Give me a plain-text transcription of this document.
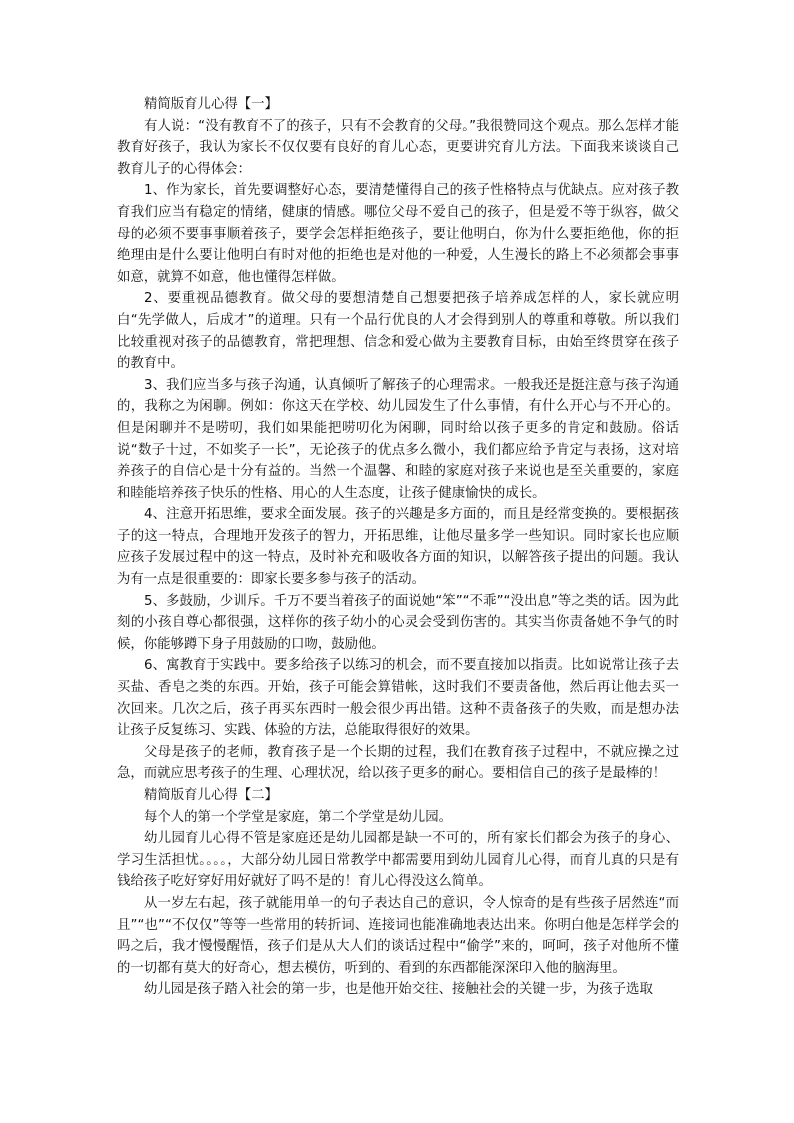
精简版育儿心得【一】

有人说：“没有教育不了的孩子，只有不会教育的父母。”我很赞同这个观点。那么怎样才能教育好孩子，我认为家长不仅仅要有良好的育儿心态，更要讲究育儿方法。下面我来谈谈自己教育儿子的心得体会：

1、作为家长，首先要调整好心态，要清楚懂得自己的孩子性格特点与优缺点。应对孩子教育我们应当有稳定的情绪，健康的情感。哪位父母不爱自己的孩子，但是爱不等于纵容，做父母的必须不要事事顺着孩子，要学会怎样拒绝孩子，要让他明白，你为什么要拒绝他，你的拒绝理由是什么要让他明白有时对他的拒绝也是对他的一种爱，人生漫长的路上不必须都会事事如意，就算不如意，他也懂得怎样做。

2、要重视品德教育。做父母的要想清楚自己想要把孩子培养成怎样的人，家长就应明白“先学做人，后成才”的道理。只有一个品行优良的人才会得到别人的尊重和尊敬。所以我们比较重视对孩子的品德教育，常把理想、信念和爱心做为主要教育目标，由始至终贯穿在孩子的教育中。

3、我们应当多与孩子沟通，认真倾听了解孩子的心理需求。一般我还是挺注意与孩子沟通的，我称之为闲聊。例如：你这天在学校、幼儿园发生了什么事情，有什么开心与不开心的。但是闲聊并不是唠叨，我们如果能把唠叨化为闲聊，同时给以孩子更多的肯定和鼓励。俗话说“数子十过，不如奖子一长”，无论孩子的优点多么微小，我们都应给予肯定与表扬，这对培养孩子的自信心是十分有益的。当然一个温馨、和睦的家庭对孩子来说也是至关重要的，家庭和睦能培养孩子快乐的性格、用心的人生态度，让孩子健康愉快的成长。

4、注意开拓思维，要求全面发展。孩子的兴趣是多方面的，而且是经常变换的。要根据孩子的这一特点，合理地开发孩子的智力，开拓思维，让他尽量多学一些知识。同时家长也应顺应孩子发展过程中的这一特点，及时补充和吸收各方面的知识，以解答孩子提出的问题。我认为有一点是很重要的：即家长要多参与孩子的活动。

5、多鼓励，少训斥。千万不要当着孩子的面说她“笨”“不乖”“没出息”等之类的话。因为此刻的小孩自尊心都很强，这样你的孩子幼小的心灵会受到伤害的。其实当你责备她不争气的时候，你能够蹲下身子用鼓励的口吻，鼓励他。

6、寓教育于实践中。要多给孩子以练习的机会，而不要直接加以指责。比如说常让孩子去买盐、香皂之类的东西。开始，孩子可能会算错帐，这时我们不要责备他，然后再让他去买一次回来。几次之后，孩子再买东西时一般会很少再出错。这种不责备孩子的失败，而是想办法让孩子反复练习、实践、体验的方法，总能取得很好的效果。

父母是孩子的老师，教育孩子是一个长期的过程，我们在教育孩子过程中，不就应操之过急，而就应思考孩子的生理、心理状况，给以孩子更多的耐心。要相信自己的孩子是最棒的！

精简版育儿心得【二】

每个人的第一个学堂是家庭，第二个学堂是幼儿园。

幼儿园育儿心得不管是家庭还是幼儿园都是缺一不可的，所有家长们都会为孩子的身心、学习生活担忧。。。。，大部分幼儿园日常教学中都需要用到幼儿园育儿心得，而育儿真的只是有钱给孩子吃好穿好用好就好了吗不是的！育儿心得没这么简单。

从一岁左右起，孩子就能用单一的句子表达自己的意识，令人惊奇的是有些孩子居然连“而且”“也”“不仅仅”等等一些常用的转折词、连接词也能准确地表达出来。你明白他是怎样学会的吗之后，我才慢慢醒悟，孩子们是从大人们的谈话过程中“偷学”来的，呵呵，孩子对他所不懂的一切都有莫大的好奇心，想去模仿，听到的、看到的东西都能深深印入他的脑海里。

幼儿园是孩子踏入社会的第一步，也是他开始交往、接触社会的关键一步，为孩子选取
